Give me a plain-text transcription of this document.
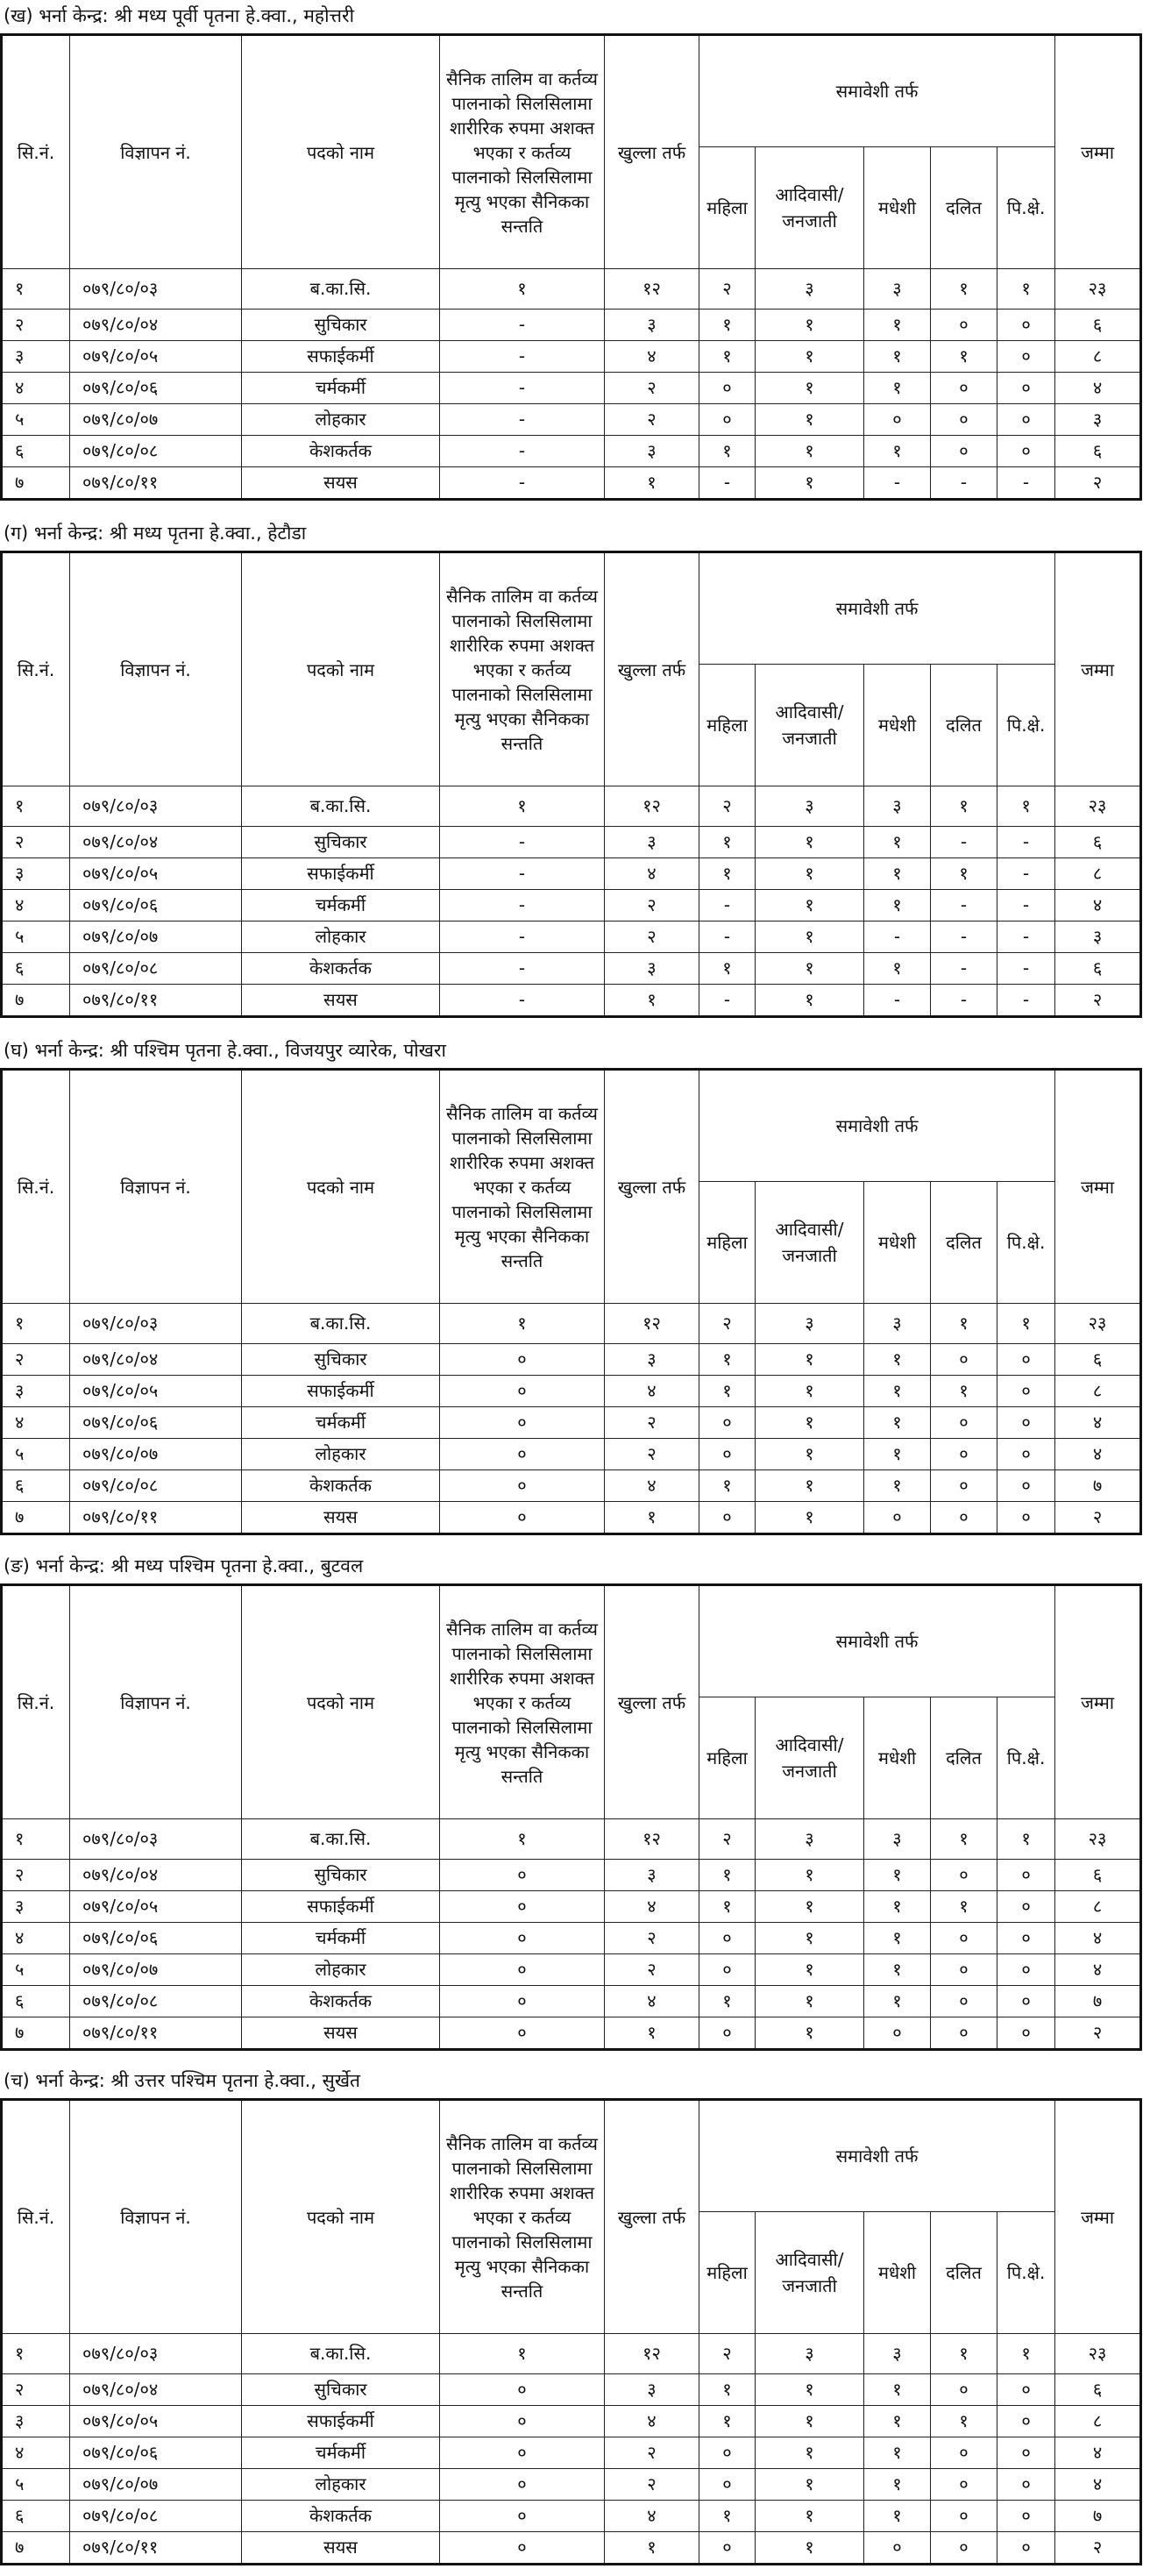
(ख) भर्ना केन्द्र: श्री मध्य पूर्वी पृतना हे.क्वा., महोत्तरी
सि.नं.	विज्ञापन नं.	पदको नाम	सैनिक तालिम वा कर्तव्य पालनाको सिलसिलामा शारीरिक रुपमा अशक्त भएका र कर्तव्य पालनाको सिलसिलामा मृत्यु भएका सैनिकका सन्तति	खुल्ला तर्फ	समावेशी तर्फ					जम्मा

					महिला	आदिवासी/ जनजाती	मधेशी	दलित	पि.क्षे.	

१	०७९/८०/०३	ब.का.सि.	१	१२	२	३	३	१	१	२३
२	०७९/८०/०४	सुचिकार	-	३	१	१	१	०	०	६
३	०७९/८०/०५	सफाईकर्मी	-	४	१	१	१	१	०	८
४	०७९/८०/०६	चर्मकर्मी	-	२	०	१	१	०	०	४
५	०७९/८०/०७	लोहकार	-	२	०	१	०	०	०	३
६	०७९/८०/०८	केशकर्तक	-	३	१	१	१	०	०	६
७	०७९/८०/११	सयस	-	१	-	१	-	-	-	२
(ग) भर्ना केन्द्र: श्री मध्य पृतना हे.क्वा., हेटौडा
सि.नं.	विज्ञापन नं.	पदको नाम	सैनिक तालिम वा कर्तव्य पालनाको सिलसिलामा शारीरिक रुपमा अशक्त भएका र कर्तव्य पालनाको सिलसिलामा मृत्यु भएका सैनिकका सन्तति	खुल्ला तर्फ	समावेशी तर्फ					जम्मा

					महिला	आदिवासी/ जनजाती	मधेशी	दलित	पि.क्षे.	

१	०७९/८०/०३	ब.का.सि.	१	१२	२	३	३	१	१	२३
२	०७९/८०/०४	सुचिकार	-	३	१	१	१	-	-	६
३	०७९/८०/०५	सफाईकर्मी	-	४	१	१	१	१	-	८
४	०७९/८०/०६	चर्मकर्मी	-	२	-	१	१	-	-	४
५	०७९/८०/०७	लोहकार	-	२	-	१	-	-	-	३
६	०७९/८०/०८	केशकर्तक	-	३	१	१	१	-	-	६
७	०७९/८०/११	सयस	-	१	-	१	-	-	-	२
(घ) भर्ना केन्द्र: श्री पश्चिम पृतना हे.क्वा., विजयपुर व्यारेक, पोखरा
सि.नं.	विज्ञापन नं.	पदको नाम	सैनिक तालिम वा कर्तव्य पालनाको सिलसिलामा शारीरिक रुपमा अशक्त भएका र कर्तव्य पालनाको सिलसिलामा मृत्यु भएका सैनिकका सन्तति	खुल्ला तर्फ	समावेशी तर्फ					जम्मा

					महिला	आदिवासी/ जनजाती	मधेशी	दलित	पि.क्षे.	

१	०७९/८०/०३	ब.का.सि.	१	१२	२	३	३	१	१	२३
२	०७९/८०/०४	सुचिकार	०	३	१	१	१	०	०	६
३	०७९/८०/०५	सफाईकर्मी	०	४	१	१	१	१	०	८
४	०७९/८०/०६	चर्मकर्मी	०	२	०	१	१	०	०	४
५	०७९/८०/०७	लोहकार	०	२	०	१	१	०	०	४
६	०७९/८०/०८	केशकर्तक	०	४	१	१	१	०	०	७
७	०७९/८०/११	सयस	०	१	०	१	०	०	०	२
(ङ) भर्ना केन्द्र: श्री मध्य पश्चिम पृतना हे.क्वा., बुटवल
सि.नं.	विज्ञापन नं.	पदको नाम	सैनिक तालिम वा कर्तव्य पालनाको सिलसिलामा शारीरिक रुपमा अशक्त भएका र कर्तव्य पालनाको सिलसिलामा मृत्यु भएका सैनिकका सन्तति	खुल्ला तर्फ	समावेशी तर्फ					जम्मा

					महिला	आदिवासी/ जनजाती	मधेशी	दलित	पि.क्षे.	

१	०७९/८०/०३	ब.का.सि.	१	१२	२	३	३	१	१	२३
२	०७९/८०/०४	सुचिकार	०	३	१	१	१	०	०	६
३	०७९/८०/०५	सफाईकर्मी	०	४	१	१	१	१	०	८
४	०७९/८०/०६	चर्मकर्मी	०	२	०	१	१	०	०	४
५	०७९/८०/०७	लोहकार	०	२	०	१	१	०	०	४
६	०७९/८०/०८	केशकर्तक	०	४	१	१	१	०	०	७
७	०७९/८०/११	सयस	०	१	०	१	०	०	०	२
(च) भर्ना केन्द्र: श्री उत्तर पश्चिम पृतना हे.क्वा., सुर्खेत
सि.नं.	विज्ञापन नं.	पदको नाम	सैनिक तालिम वा कर्तव्य पालनाको सिलसिलामा शारीरिक रुपमा अशक्त भएका र कर्तव्य पालनाको सिलसिलामा मृत्यु भएका सैनिकका सन्तति	खुल्ला तर्फ	समावेशी तर्फ					जम्मा

					महिला	आदिवासी/ जनजाती	मधेशी	दलित	पि.क्षे.	

१	०७९/८०/०३	ब.का.सि.	१	१२	२	३	३	१	१	२३
२	०७९/८०/०४	सुचिकार	०	३	१	१	१	०	०	६
३	०७९/८०/०५	सफाईकर्मी	०	४	१	१	१	१	०	८
४	०७९/८०/०६	चर्मकर्मी	०	२	०	१	१	०	०	४
५	०७९/८०/०७	लोहकार	०	२	०	१	१	०	०	४
६	०७९/८०/०८	केशकर्तक	०	४	१	१	१	०	०	७
७	०७९/८०/११	सयस	०	१	०	१	०	०	०	२
